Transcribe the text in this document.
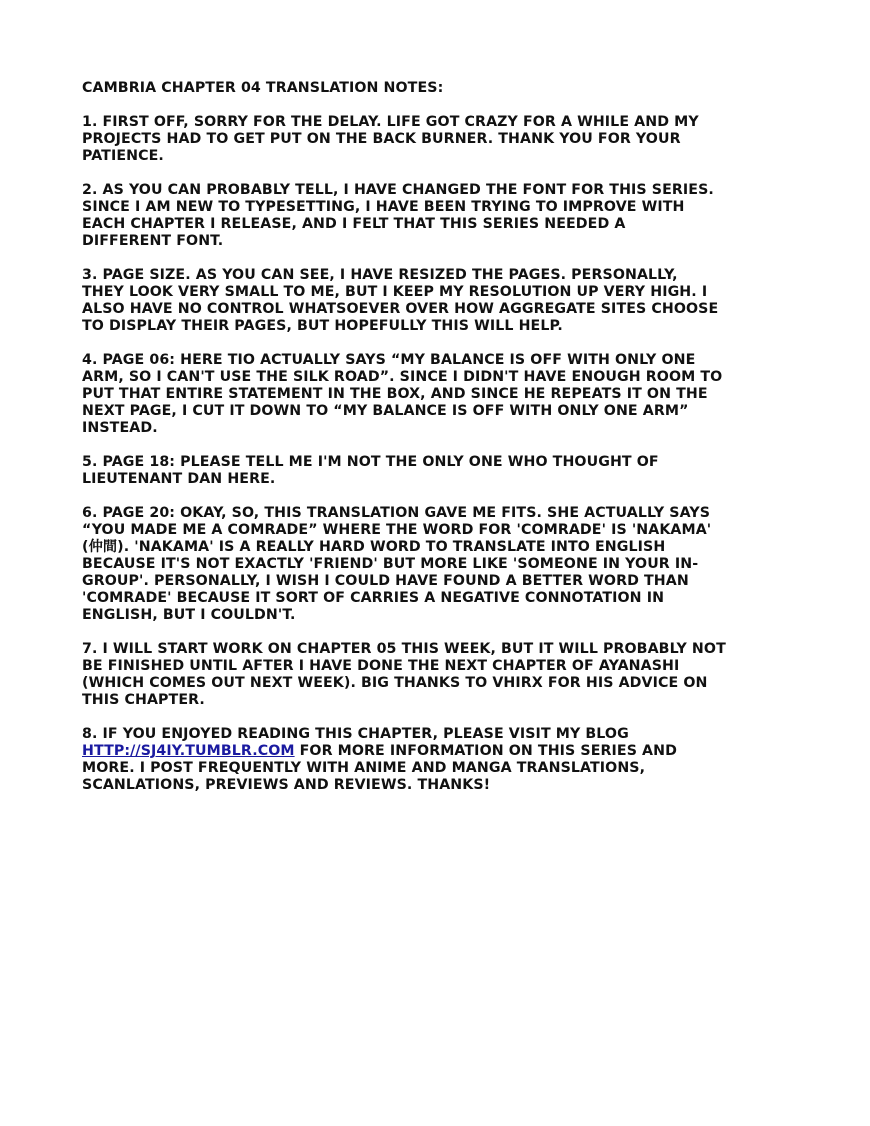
CAMBRIA CHAPTER 04 TRANSLATION NOTES:
1. FIRST OFF, SORRY FOR THE DELAY. LIFE GOT CRAZY FOR A WHILE AND MY
PROJECTS HAD TO GET PUT ON THE BACK BURNER. THANK YOU FOR YOUR
PATIENCE.
2. AS YOU CAN PROBABLY TELL, I HAVE CHANGED THE FONT FOR THIS SERIES.
SINCE I AM NEW TO TYPESETTING, I HAVE BEEN TRYING TO IMPROVE WITH
EACH CHAPTER I RELEASE, AND I FELT THAT THIS SERIES NEEDED A
DIFFERENT FONT.
3. PAGE SIZE. AS YOU CAN SEE, I HAVE RESIZED THE PAGES. PERSONALLY,
THEY LOOK VERY SMALL TO ME, BUT I KEEP MY RESOLUTION UP VERY HIGH. I
ALSO HAVE NO CONTROL WHATSOEVER OVER HOW AGGREGATE SITES CHOOSE
TO DISPLAY THEIR PAGES, BUT HOPEFULLY THIS WILL HELP.
4. PAGE 06: HERE TIO ACTUALLY SAYS “MY BALANCE IS OFF WITH ONLY ONE
ARM, SO I CAN'T USE THE SILK ROAD”. SINCE I DIDN'T HAVE ENOUGH ROOM TO
PUT THAT ENTIRE STATEMENT IN THE BOX, AND SINCE HE REPEATS IT ON THE
NEXT PAGE, I CUT IT DOWN TO “MY BALANCE IS OFF WITH ONLY ONE ARM”
INSTEAD.
5. PAGE 18: PLEASE TELL ME I'M NOT THE ONLY ONE WHO THOUGHT OF
LIEUTENANT DAN HERE.
6. PAGE 20: OKAY, SO, THIS TRANSLATION GAVE ME FITS. SHE ACTUALLY SAYS
“YOU MADE ME A COMRADE” WHERE THE WORD FOR 'COMRADE' IS 'NAKAMA'
(仲間). 'NAKAMA' IS A REALLY HARD WORD TO TRANSLATE INTO ENGLISH
BECAUSE IT'S NOT EXACTLY 'FRIEND' BUT MORE LIKE 'SOMEONE IN YOUR IN-
GROUP'. PERSONALLY, I WISH I COULD HAVE FOUND A BETTER WORD THAN
'COMRADE' BECAUSE IT SORT OF CARRIES A NEGATIVE CONNOTATION IN
ENGLISH, BUT I COULDN'T.
7. I WILL START WORK ON CHAPTER 05 THIS WEEK, BUT IT WILL PROBABLY NOT
BE FINISHED UNTIL AFTER I HAVE DONE THE NEXT CHAPTER OF AYANASHI
(WHICH COMES OUT NEXT WEEK). BIG THANKS TO VHIRX FOR HIS ADVICE ON
THIS CHAPTER.
8. IF YOU ENJOYED READING THIS CHAPTER, PLEASE VISIT MY BLOG
HTTP://SJ4IY.TUMBLR.COM FOR MORE INFORMATION ON THIS SERIES AND
MORE. I POST FREQUENTLY WITH ANIME AND MANGA TRANSLATIONS,
SCANLATIONS, PREVIEWS AND REVIEWS. THANKS!
